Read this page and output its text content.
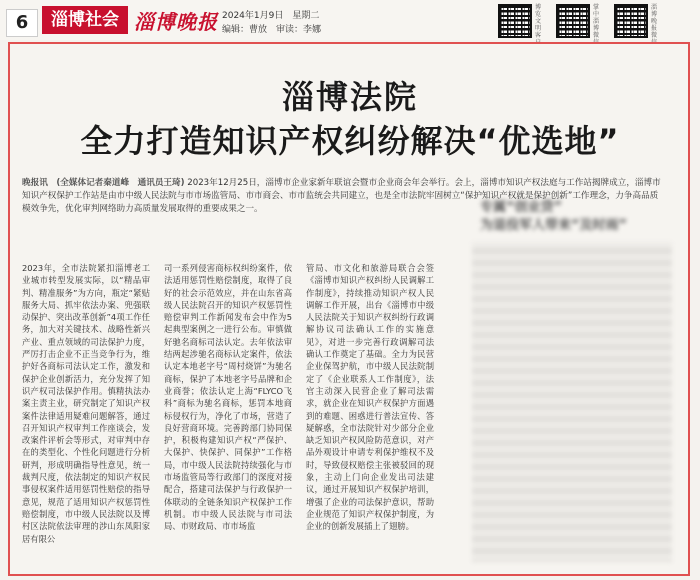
6	淄博社会 淄博晚报 2024年1月9日　星期二
编辑：曹放　审读：李娜
博览文明客
掌中淄博微
淄博晚报微
淄博法院
全力打造知识产权纠纷解决“优选地”
晚报讯　(全媒体记者秦道峰　通讯员王琦) 2023年12月25日，淄博市企业家新年联谊会暨市企业商会年会举行。会上，淄博市知识产权法庭与工作站揭牌成立，淄博市知识产权保护工作站是由市中级人民法院与市市场监管局、市市商会、市市监统会共同建立，也是全市法院牢固树立“保护知识产权就是保护创新”工作理念，力争高品质模效争先，优化审判网络助力高质量发展取得的重要成果之一。
2023年，全市法院紧扣淄博老工业城市转型发展实际，以“精品审判、精准服务”为方向，瓶定“紧贴服务大局、抓牢依法办案、兜强联动保护、突出改革创新”4项工作任务，加大对关键技术、战略性新兴产业、重点领域的司法保护力度，严厉打击企业不正当竞争行为，维护好各商标司法认定工作，激发和保护企业创新活力，充分发挥了知识产权司法保护作用。慎精执法办案主责主业，研究制定了知识产权案件法律适用疑难问题解答，通过召开知识产权审判工作座谈会，发改案件评析会等形式，对审判中存在的类型化、个性化问题进行分析研判，形成明确指导性意见，统一裁判尺度，依法制定的知识产权民事侵权案件适用惩罚性赔偿的指导意见，规范了适用知识产权惩罚性赔偿制度，市中级人民法院以及博村区法院依法审理的涉山东凤阳家居有限公
司一系列侵害商标权纠纷案件，依法适用惩罚性赔偿制度，取得了良好的社会示范效应，并在山东省高级人民法院召开的知识产权惩罚性赔偿审判工作新闻发布会中作为5起典型案例之一进行公布。审慎做好驰名商标司法认定。去年依法审结两起涉驰名商标认定案件，依法认定本地老字号“周村烧饼”为驰名商标，保护了本地老字号品牌和企业商誉；依法认定上海“FLYCO飞科”商标为驰名商标，惩罚本地商标侵权行为，净化了市场，营造了良好营商环境。完善跨部门协同保护，积极构建知识产权“严保护、大保护、快保护、同保护”工作格局，市中级人民法院持续强化与市市场监管局等行政部门的深度对接配合，搭建司法保护与行政保护一体联动的全链条知识产权保护工作机制。市中级人民法院与市司法局、市财政局、市市场监
管局、市文化和旅游局联合会签《淄博市知识产权纠纷人民调解工作制度》，持续推动知识产权人民调解工作开展，出台《淄博市中级人民法院关于知识产权纠纷行政调解协议司法确认工作的实施意见》，对进一步完善行政调解司法确认工作奠定了基础。全力为民营企业保驾护航，市中级人民法院制定了《企业联系人工作制度》，法官主动深入民营企业了解司法需求，就企业在知识产权保护方面遇到的难题、困惑进行普法宣传、答疑解惑，全市法院针对少部分企业缺乏知识产权风险防范意识，对产品外观设计申请专利保护维权不及时，导致侵权赔偿主张被驳回的现象，主动上门向企业发出司法建议，通过开展知识产权保护培训，增强了企业的司法保护意识，帮助企业规范了知识产权保护制度，为企业的创新发展插上了翅膀。
专属“创业贷”
为退役军人带来“及时雨”
